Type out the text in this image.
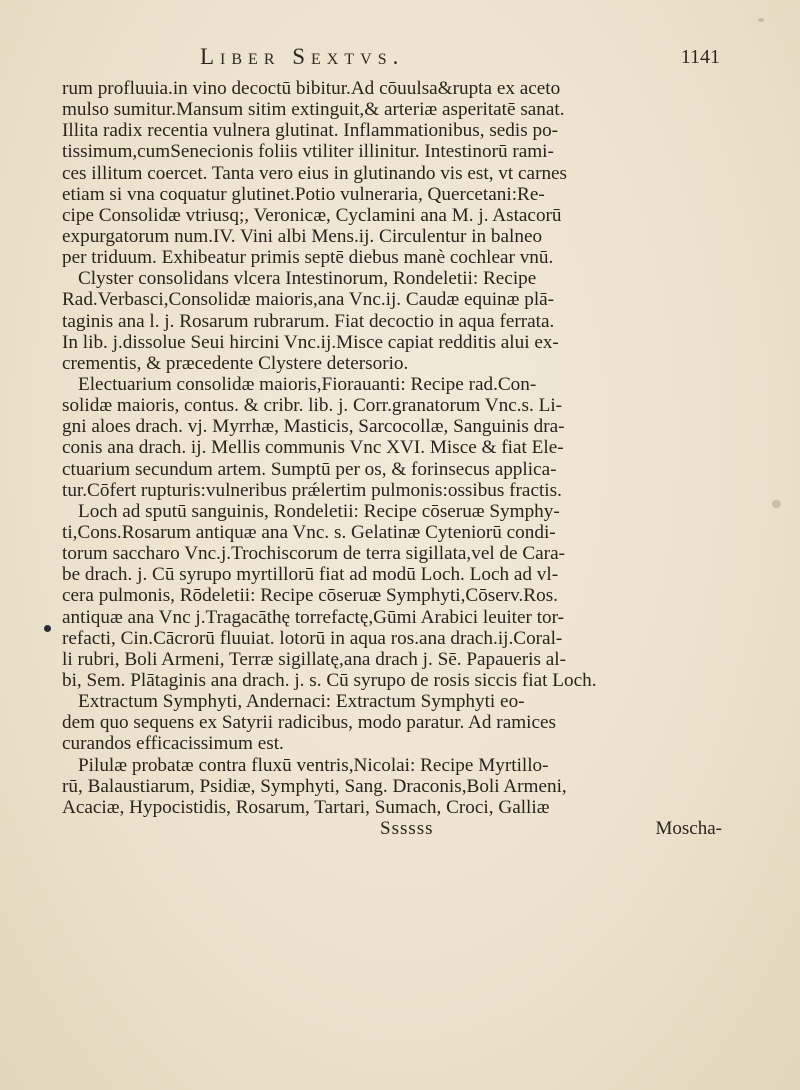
Liber Sextvs.	1141
rum profluuia.in vino decoctū bibitur.Ad cōuulsa&rupta ex aceto
mulso sumitur.Mansum sitim extinguit,& arteriæ asperitatē sanat.
Illita radix recentia vulnera glutinat. Inflammationibus, sedis po-
tissimum,cumSenecionis foliis vtiliter illinitur. Intestinorū rami-
ces illitum coercet. Tanta vero eius in glutinando vis est, vt carnes
etiam si vna coquatur glutinet.Potio vulneraria, Quercetani:Re-
cipe Consolidæ vtriusq;, Veronicæ, Cyclamini ana M. j. Astacorū
expurgatorum num.IV. Vini albi Mens.ij. Circulentur in balneo
per triduum. Exhibeatur primis septē diebus manè cochlear vnū.
Clyster consolidans vlcera Intestinorum, Rondeletii: Recipe
Rad.Verbasci,Consolidæ maioris,ana Vnc.ij. Caudæ equinæ plā-
taginis ana l. j. Rosarum rubrarum. Fiat decoctio in aqua ferrata.
In lib. j.dissolue Seui hircini Vnc.ij.Misce capiat redditis alui ex-
crementis, & præcedente Clystere detersorio.
Electuarium consolidæ maioris,Fiorauanti: Recipe rad.Con-
solidæ maioris, contus. & cribr. lib. j. Corr.granatorum Vnc.s. Li-
gni aloes drach. vj. Myrrhæ, Masticis, Sarcocollæ, Sanguinis dra-
conis ana drach. ij. Mellis communis Vnc XVI. Misce & fiat Ele-
ctuarium secundum artem. Sumptū per os, & forinsecus applica-
tur.Cōfert rupturis:vulneribus prǽlertim pulmonis:ossibus fractis.
Loch ad sputū sanguinis, Rondeletii: Recipe cōseruæ Symphy-
ti,Cons.Rosarum antiquæ ana Vnc. s. Gelatinæ Cyteniorū condi-
torum saccharo Vnc.j.Trochiscorum de terra sigillata,vel de Cara-
be drach. j. Cū syrupo myrtillorū fiat ad modū Loch. Loch ad vl-
cera pulmonis, Rōdeletii: Recipe cōseruæ Symphyti,Cōserv.Ros.
antiquæ ana Vnc j.Tragacāthę torrefactę,Gūmi Arabici leuiter tor-
refacti, Cin.Cācrorū fluuiat. lotorū in aqua ros.ana drach.ij.Coral-
li rubri, Boli Armeni, Terræ sigillatę,ana drach j. Sē. Papaueris al-
bi, Sem. Plātaginis ana drach. j. s. Cū syrupo de rosis siccis fiat Loch.
Extractum Symphyti, Andernaci: Extractum Symphyti eo-
dem quo sequens ex Satyrii radicibus, modo paratur. Ad ramices
curandos efficacissimum est.
Pilulæ probatæ contra fluxū ventris,Nicolai: Recipe Myrtillo-
rū, Balaustiarum, Psidiæ, Symphyti, Sang. Draconis,Boli Armeni,
Acaciæ, Hypocistidis, Rosarum, Tartari, Sumach, Croci, Galliæ
Ssssss	Moscha-
